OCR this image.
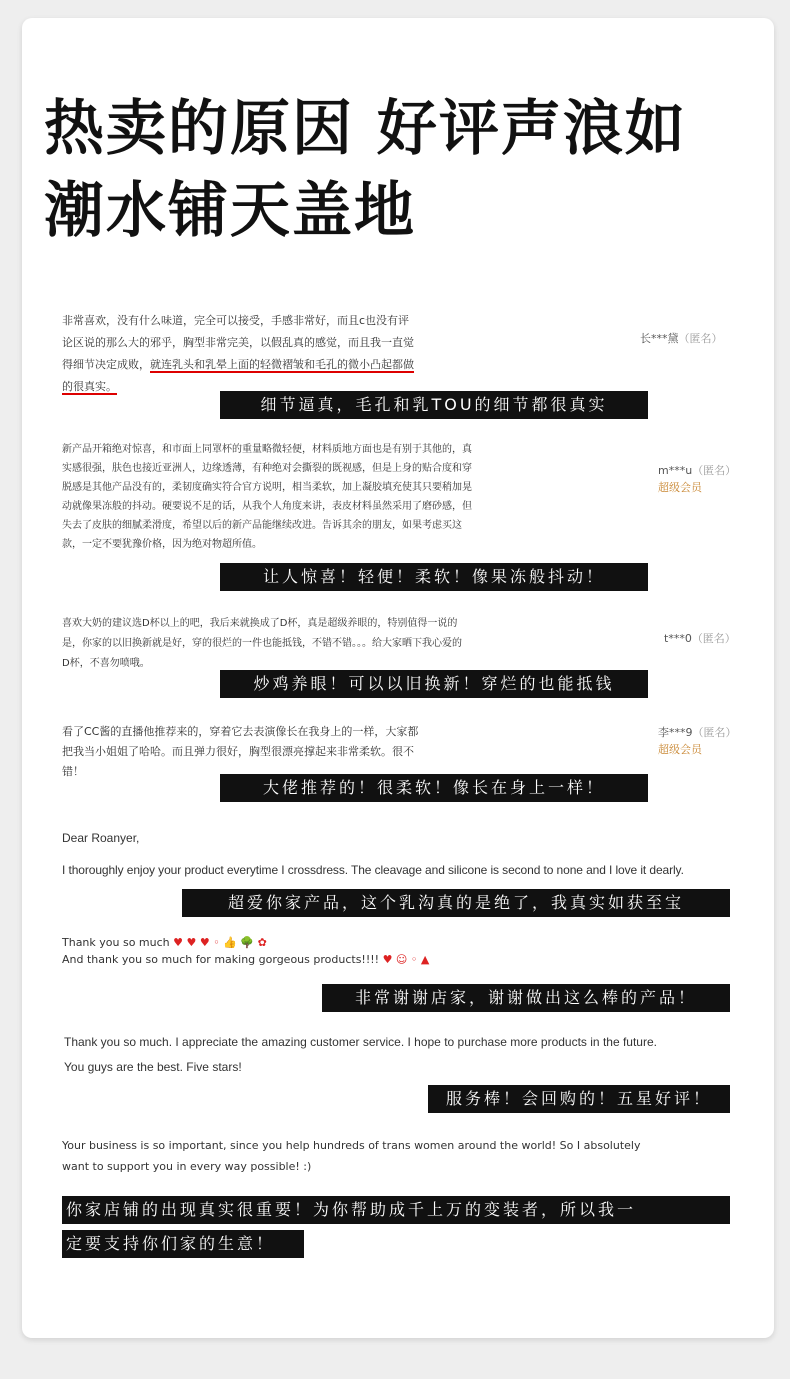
热卖的原因 好评声浪如
潮水铺天盖地
非常喜欢，没有什么味道，完全可以接受，手感非常好，而且c也没有评
论区说的那么大的邪乎，胸型非常完美，以假乱真的感觉，而且我一直觉
得细节决定成败，就连乳头和乳晕上面的轻微褶皱和毛孔的微小凸起都做
的很真实。
长***黛（匿名）
细节逼真，毛孔和乳TOU的细节都很真实
新产品开箱绝对惊喜，和市面上同罩杯的重量略微轻便，材料质地方面也是有别于其他的，真
实感很强，肤色也接近亚洲人，边缘透薄，有种绝对会撕裂的既视感，但是上身的贴合度和穿
脱感是其他产品没有的，柔韧度确实符合官方说明，相当柔软，加上凝胶填充使其只要稍加晃
动就像果冻般的抖动。硬要说不足的话，从我个人角度来讲，表皮材料虽然采用了磨砂感，但
失去了皮肤的细腻柔滑度，希望以后的新产品能继续改进。告诉其余的朋友，如果考虑买这
款，一定不要犹豫价格，因为绝对物超所值。
m***u（匿名）
超级会员
让人惊喜！轻便！柔软！像果冻般抖动！
喜欢大奶的建议选D杯以上的吧，我后来就换成了D杯，真是超级养眼的，特别值得一说的
是，你家的以旧换新就是好，穿的很烂的一件也能抵钱，不错不错。。。给大家晒下我心爱的
D杯，不喜勿喷哦。
t***0（匿名）
炒鸡养眼！可以以旧换新！穿烂的也能抵钱
看了CC酱的直播他推荐来的，穿着它去表演像长在我身上的一样，大家都
把我当小姐姐了哈哈。而且弹力很好，胸型很漂亮撑起来非常柔软。很不
错！
李***9（匿名）
超级会员
大佬推荐的！很柔软！像长在身上一样！
Dear Roanyer,
I thoroughly enjoy your product everytime I crossdress. The cleavage and silicone is second to none and I love it dearly.
超爱你家产品，这个乳沟真的是绝了，我真实如获至宝
Thank you so much ♥ ♥ ♥ ◦ 👍 🌳 ✿
And thank you so much for making gorgeous products!!!! ♥ ☺ ◦ ▲
非常谢谢店家，谢谢做出这么棒的产品！
Thank you so much. I appreciate the amazing customer service. I hope to purchase more products in the future.
You guys are the best. Five stars!
服务棒！会回购的！五星好评！
Your business is so important, since you help hundreds of trans women around the world! So I absolutely
want to support you in every way possible! :)
你家店铺的出现真实很重要！为你帮助成千上万的变装者，所以我一
定要支持你们家的生意！
